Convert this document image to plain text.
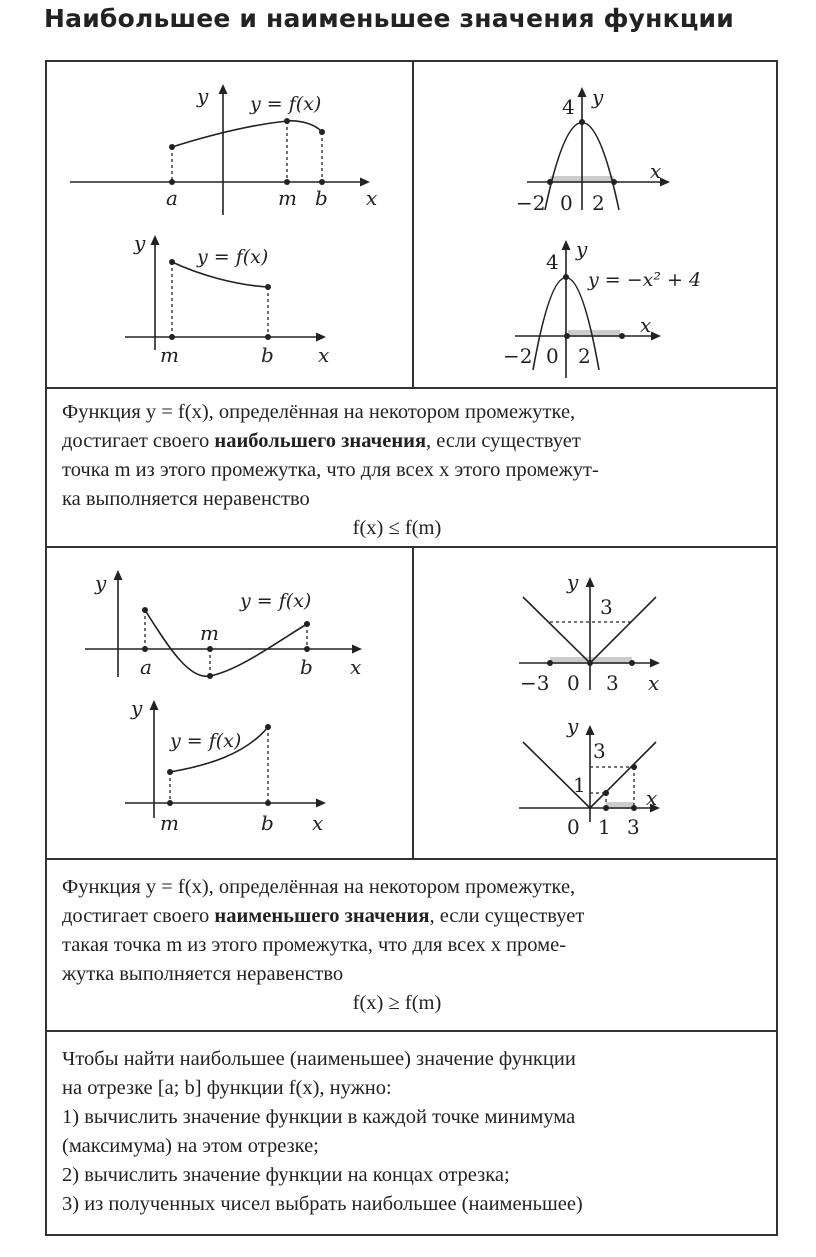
Наибольшее и наименьшее значения функции
y y = f(x)
a	m b x
y
y = f(x)
m	b x
y
4
x
−2 0 2
y
4
y = −x² + 4
x
−2 0 2

Функция y = f(x), определённая на некотором промежутке,

достигает своего наибольшего значения, если существует

точка m из этого промежутка, что для всех x этого промежут-

ка выполняется неравенство

f(x) ≤ f(m)

y
y = f(x)
m
a	b x
y
y = f(x)
m	b x
y
3
−3 0 3 x
y
3
1
x
0 1 3

Функция y = f(x), определённая на некотором промежутке,

достигает своего наименьшего значения, если существует

такая точка m из этого промежутка, что для всех x проме-

жутка выполняется неравенство

f(x) ≥ f(m)

Чтобы найти наибольшее (наименьшее) значение функции

на отрезке [a; b] функции f(x), нужно:

1) вычислить значение функции в каждой точке минимума

(максимума) на этом отрезке;

2) вычислить значение функции на концах отрезка;

3) из полученных чисел выбрать наибольшее (наименьшее)
